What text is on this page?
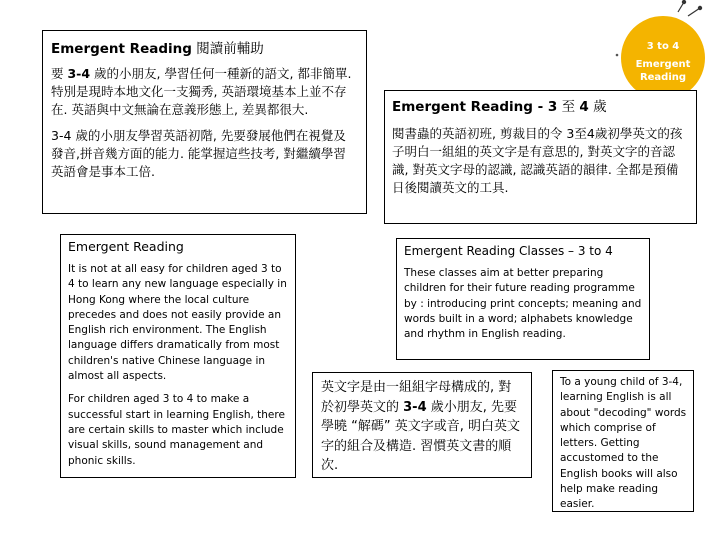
3 to 4
Emergent
Reading
Emergent Reading 閱讀前輔助

要 3-4 歲的小朋友, 學習任何一種新的語文, 都非簡單. 特別是現時本地文化一支獨秀, 英語環境基本上並不存在. 英語與中文無論在意義形態上, 差異都很大.

3-4 歲的小朋友學習英語初階, 先要發展他們在視覺及發音,拼音幾方面的能力. 能掌握這些技考, 對繼續學習英語會是事本工倍.

Emergent Reading - 3 至 4 歲

閱書蟲的英語初班, 剪裁目的令 3至4歲初學英文的孩子明白一組組的英文字是有意思的, 對英文字的音認識, 對英文字母的認識, 認識英語的韻律. 全都是預備日後閱讀英文的工具.

Emergent Reading

It is not at all easy for children aged 3 to 4 to learn any new language especially in Hong Kong where the local culture precedes and does not easily provide an English rich environment. The English language differs dramatically from most children's native Chinese language in almost all aspects.

For children aged 3 to 4 to make a successful start in learning English, there are certain skills to master which include visual skills, sound management and phonic skills.

Emergent Reading Classes – 3 to 4

These classes aim at better preparing children for their future reading programme by : introducing print concepts; meaning and words built in a word; alphabets knowledge and rhythm in English reading.

英文字是由一組組字母構成的, 對於初學英文的 3-4 歲小朋友, 先要學曉 “解碼” 英文字或音, 明白英文字的組合及構造. 習慣英文書的順次.

To a young child of 3-4, learning English is all about "decoding" words which comprise of letters. Getting accustomed to the English books will also help make reading easier.
